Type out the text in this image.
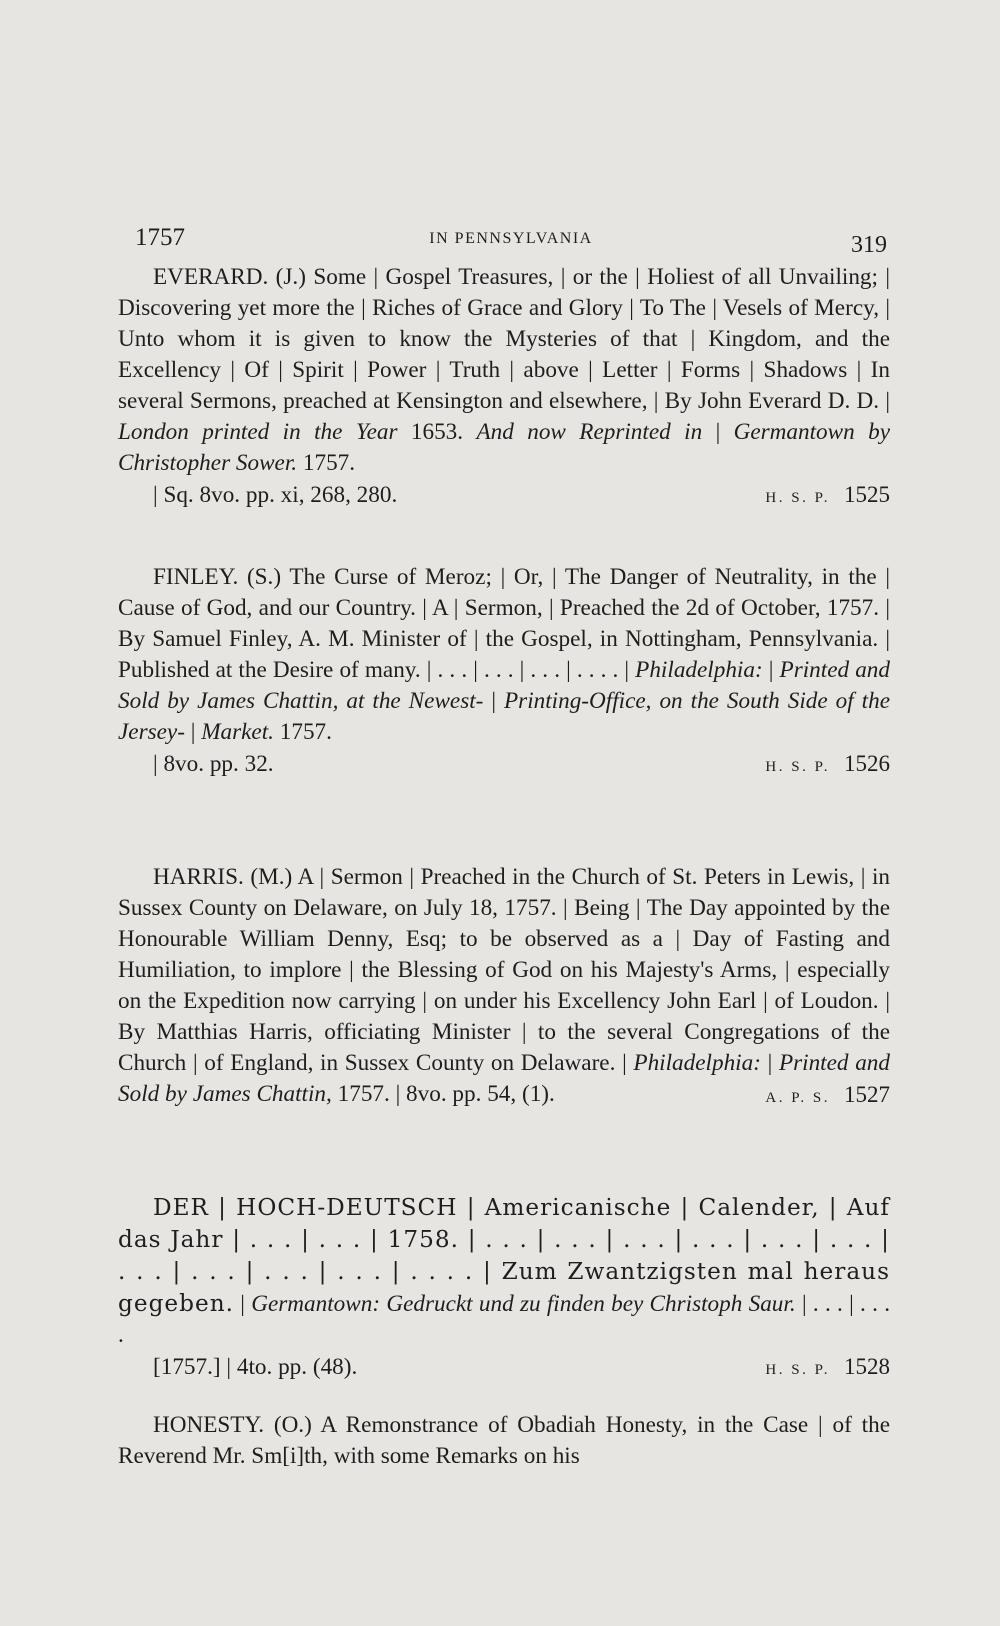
1757	IN PENNSYLVANIA	319

EVERARD. (J.) Some | Gospel Treasures, | or the | Holiest of all Unvailing; | Discovering yet more the | Riches of Grace and Glory | To The | Vesels of Mercy, | Unto whom it is given to know the Mysteries of that | Kingdom, and the Excellency | Of | Spirit | Power | Truth | above | Letter | Forms | Shadows | In several Sermons, preached at Kensington and elsewhere, | By John Everard D. D. | London printed in the Year 1653. And now Reprinted in | Germantown by Christopher Sower. 1757.

| Sq. 8vo. pp. xi, 268, 280.	H. S. P. 1525

FINLEY. (S.) The Curse of Meroz; | Or, | The Danger of Neutrality, in the | Cause of God, and our Country. | A | Sermon, | Preached the 2d of October, 1757. | By Samuel Finley, A. M. Minister of | the Gospel, in Nottingham, Pennsylvania. | Published at the Desire of many. | . . . | . . . | . . . | . . . . | Philadelphia: | Printed and Sold by James Chattin, at the Newest- | Printing-Office, on the South Side of the Jersey- | Market. 1757.

| 8vo. pp. 32.	H. S. P. 1526

HARRIS. (M.) A | Sermon | Preached in the Church of St. Peters in Lewis, | in Sussex County on Delaware, on July 18, 1757. | Being | The Day appointed by the Honourable William Denny, Esq; to be observed as a | Day of Fasting and Humiliation, to implore | the Blessing of God on his Majesty's Arms, | especially on the Expedition now carrying | on under his Excellency John Earl | of Loudon. | By Matthias Harris, officiating Minister | to the several Congregations of the Church | of England, in Sussex County on Delaware. | Philadelphia: | Printed and Sold by James Chattin, 1757. | 8vo. pp. 54, (1).	A. P. S. 1527

DER | HOCH-DEUTSCH | Americanische | Calender, | Auf das Jahr | . . . | . . . | 1758. | . . . | . . . | . . . | . . . | . . . | . . . | . . . | . . . | . . . | . . . | . . . . | Zum Zwantzigsten mal heraus gegeben. | Germantown: Gedruckt und zu finden bey Christoph Saur. | . . . | . . . .

[1757.] | 4to. pp. (48).	H. S. P. 1528

HONESTY. (O.) A Remonstrance of Obadiah Honesty, in the Case | of the Reverend Mr. Sm[i]th, with some Remarks on his
